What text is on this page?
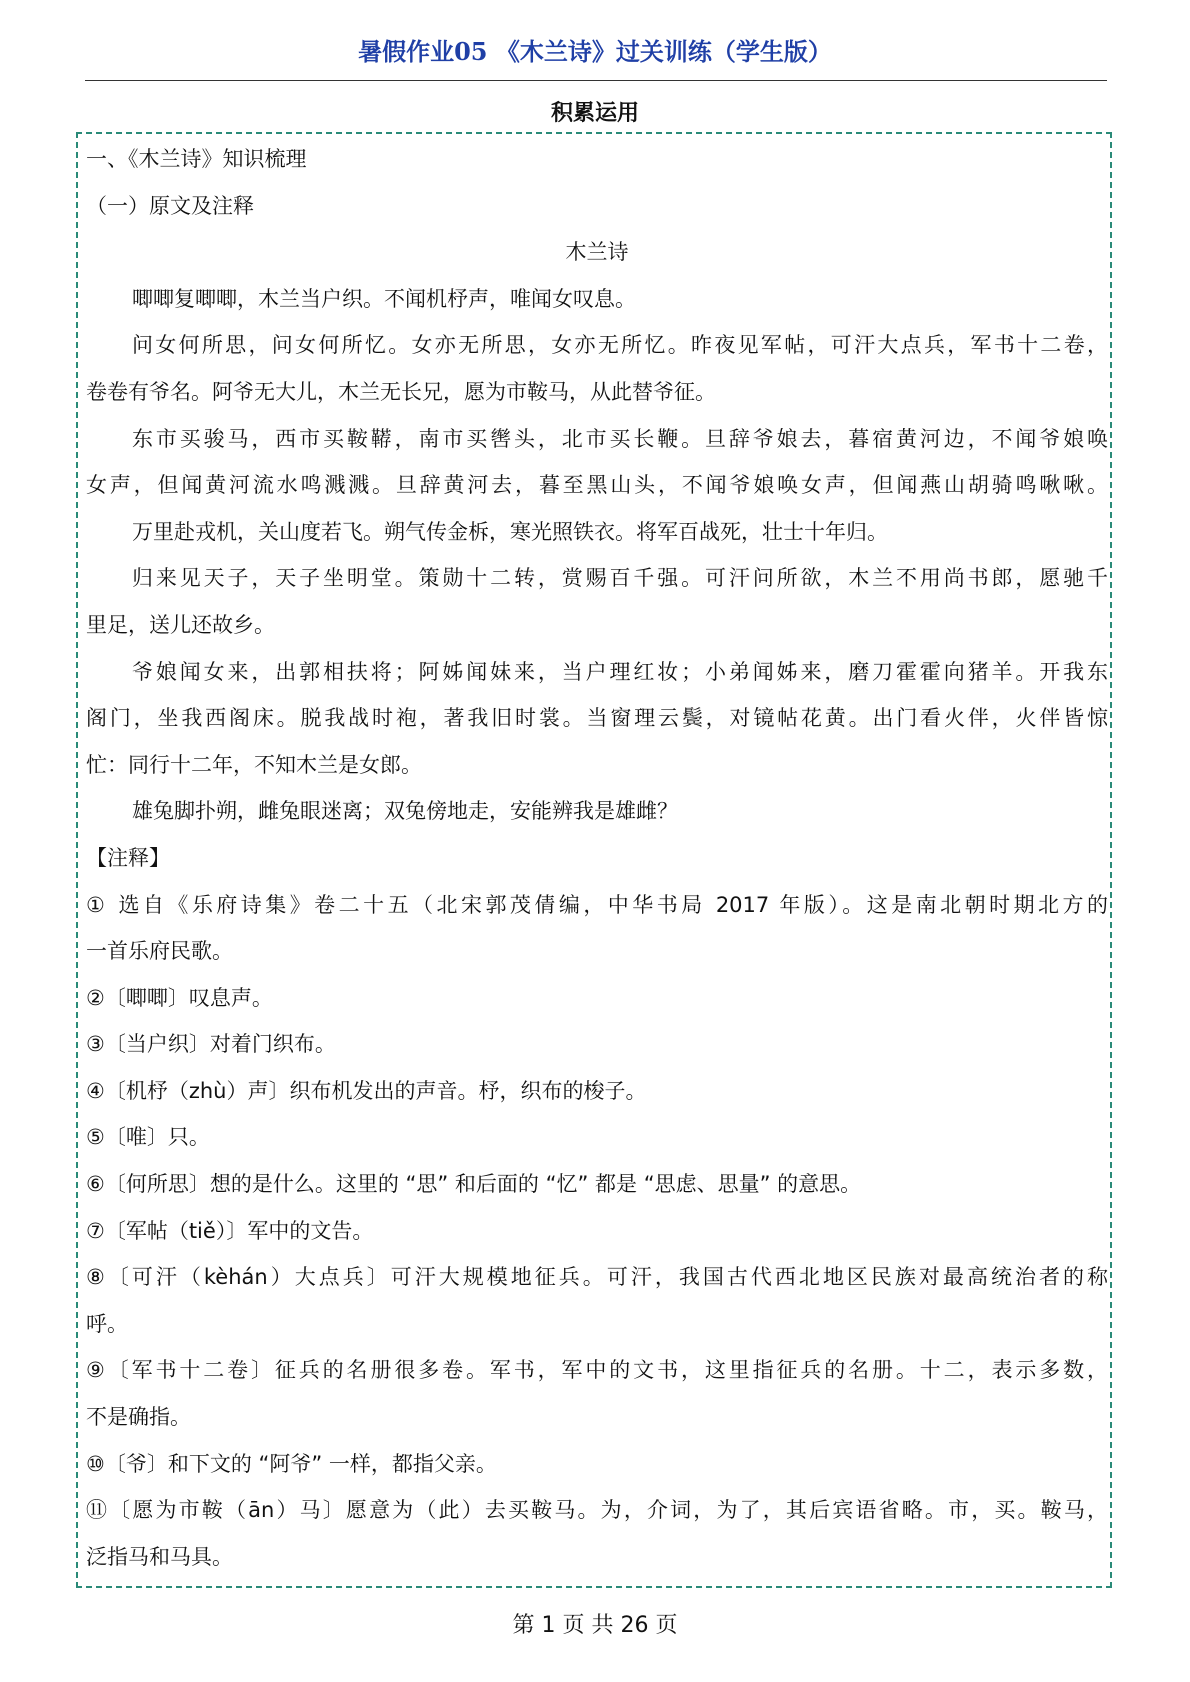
暑假作业05 《木兰诗》过关训练（学生版）
积累运用
一、《木兰诗》知识梳理
（一）原文及注释
木兰诗
唧唧复唧唧，木兰当户织。不闻机杼声，唯闻女叹息。
问女何所思，问女何所忆。女亦无所思，女亦无所忆。昨夜见军帖，可汗大点兵，军书十二卷，
卷卷有爷名。阿爷无大儿，木兰无长兄，愿为市鞍马，从此替爷征。
东市买骏马，西市买鞍鞯，南市买辔头，北市买长鞭。旦辞爷娘去，暮宿黄河边，不闻爷娘唤
女声，但闻黄河流水鸣溅溅。旦辞黄河去，暮至黑山头，不闻爷娘唤女声，但闻燕山胡骑鸣啾啾。
万里赴戎机，关山度若飞。朔气传金柝，寒光照铁衣。将军百战死，壮士十年归。
归来见天子，天子坐明堂。策勋十二转，赏赐百千强。可汗问所欲，木兰不用尚书郎，愿驰千
里足，送儿还故乡。
爷娘闻女来，出郭相扶将；阿姊闻妹来，当户理红妆；小弟闻姊来，磨刀霍霍向猪羊。开我东
阁门，坐我西阁床。脱我战时袍，著我旧时裳。当窗理云鬓，对镜帖花黄。出门看火伴，火伴皆惊
忙：同行十二年，不知木兰是女郎。
雄兔脚扑朔，雌兔眼迷离；双兔傍地走，安能辨我是雄雌？
【注释】
① 选自《乐府诗集》卷二十五（北宋郭茂倩编，中华书局 2017 年版）。这是南北朝时期北方的
一首乐府民歌。
②〔唧唧〕叹息声。
③〔当户织〕对着门织布。
④〔机杼（zhù）声〕织布机发出的声音。杼，织布的梭子。
⑤〔唯〕只。
⑥〔何所思〕想的是什么。这里的 “思” 和后面的 “忆” 都是 “思虑、思量” 的意思。
⑦〔军帖（tiě）〕军中的文告。
⑧〔可汗（kèhán）大点兵〕可汗大规模地征兵。可汗，我国古代西北地区民族对最高统治者的称
呼。
⑨〔军书十二卷〕征兵的名册很多卷。军书，军中的文书，这里指征兵的名册。十二，表示多数，
不是确指。
⑩〔爷〕和下文的 “阿爷” 一样，都指父亲。
⑪〔愿为市鞍（ān）马〕愿意为（此）去买鞍马。为，介词，为了，其后宾语省略。市，买。鞍马，
泛指马和马具。
第 1 页 共 26 页
